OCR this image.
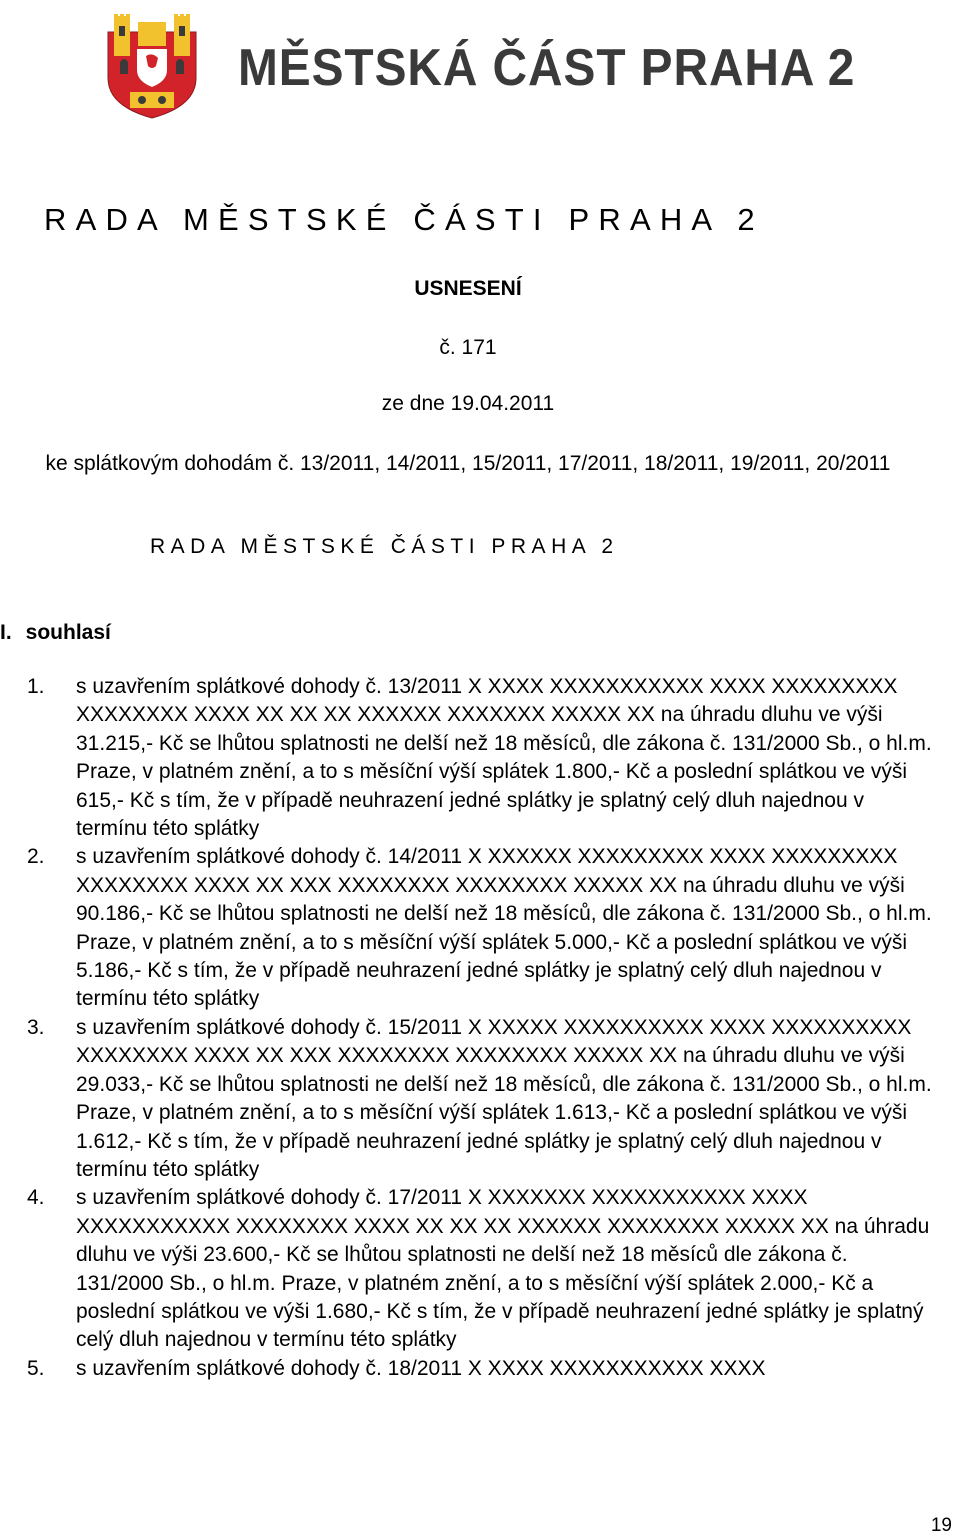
MĚSTSKÁ ČÁST PRAHA 2
RADA MĚSTSKÉ ČÁSTI PRAHA 2
USNESENÍ
č. 171
ze dne 19.04.2011
ke splátkovým dohodám č. 13/2011, 14/2011, 15/2011, 17/2011, 18/2011, 19/2011, 20/2011
RADA MĚSTSKÉ ČÁSTI PRAHA 2
I. souhlasí
1. s uzavřením splátkové dohody č. 13/2011 X XXXX XXXXXXXXXXX XXXX XXXXXXXXX XXXXXXXX XXXX XX XX XX XXXXXX XXXXXXX XXXXX XX na úhradu dluhu ve výši 31.215,- Kč se lhůtou splatnosti ne delší než 18 měsíců, dle zákona č. 131/2000 Sb., o hl.m. Praze, v platném znění, a to s měsíční výší splátek 1.800,- Kč a poslední splátkou ve výši 615,- Kč s tím, že v případě neuhrazení jedné splátky je splatný celý dluh najednou v termínu této splátky
2. s uzavřením splátkové dohody č. 14/2011 X XXXXXX XXXXXXXXX XXXX XXXXXXXXX XXXXXXXX XXXX XX XXX XXXXXXXX XXXXXXXX XXXXX XX na úhradu dluhu ve výši 90.186,- Kč se lhůtou splatnosti ne delší než 18 měsíců, dle zákona č. 131/2000 Sb., o hl.m. Praze, v platném znění, a to s měsíční výší splátek 5.000,- Kč a poslední splátkou ve výši 5.186,- Kč s tím, že v případě neuhrazení jedné splátky je splatný celý dluh najednou v termínu této splátky
3. s uzavřením splátkové dohody č. 15/2011 X XXXXX XXXXXXXXXX XXXX XXXXXXXXXX XXXXXXXX XXXX XX XXX XXXXXXXX XXXXXXXX XXXXX XX na úhradu dluhu ve výši 29.033,- Kč se lhůtou splatnosti ne delší než 18 měsíců, dle zákona č. 131/2000 Sb., o hl.m. Praze, v platném znění, a to s měsíční výší splátek 1.613,- Kč a poslední splátkou ve výši 1.612,- Kč s tím, že v případě neuhrazení jedné splátky je splatný celý dluh najednou v termínu této splátky
4. s uzavřením splátkové dohody č. 17/2011 X XXXXXXX XXXXXXXXXXX XXXX XXXXXXXXXXX XXXXXXXX XXXX XX XX XX XXXXXX XXXXXXXX XXXXX XX na úhradu dluhu ve výši 23.600,- Kč se lhůtou splatnosti ne delší než 18 měsíců dle zákona č. 131/2000 Sb., o hl.m. Praze, v platném znění, a to s měsíční výší splátek 2.000,- Kč a poslední splátkou ve výši 1.680,- Kč s tím, že v případě neuhrazení jedné splátky je splatný celý dluh najednou v termínu této splátky
5. s uzavřením splátkové dohody č. 18/2011 X XXXX XXXXXXXXXXX XXXX
19
